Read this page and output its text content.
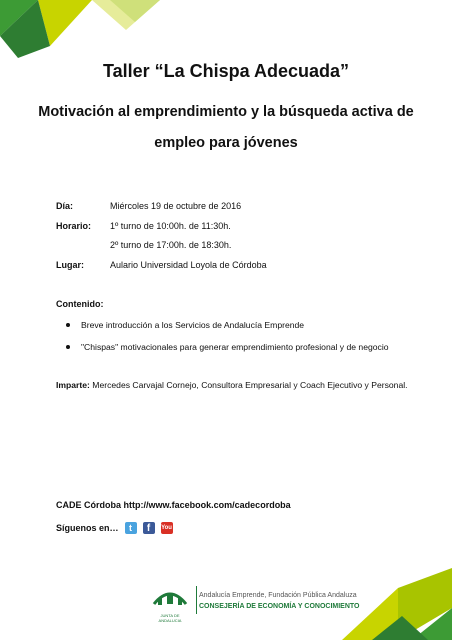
Taller “La Chispa Adecuada”
Motivación al emprendimiento y la búsqueda activa de
empleo para jóvenes
Día:	Miércoles 19 de octubre de 2016
Horario: 1º turno de 10:00h. de 11:30h.
2º turno de 17:00h. de 18:30h.
Lugar:	Aulario Universidad Loyola de Córdoba
Contenido:
Breve introducción a los Servicios de Andalucía Emprende
"Chispas" motivacionales para generar emprendimiento profesional y de negocio
Imparte: Mercedes Carvajal Cornejo, Consultora Empresarial y Coach Ejecutivo y Personal.
CADE Córdoba http://www.facebook.com/cadecordoba
Síguenos en…	t	f	You
JUNTA DE ANDALUCIA
Andalucía Emprende, Fundación Pública Andaluza
CONSEJERÍA DE ECONOMÍA Y CONOCIMIENTO
